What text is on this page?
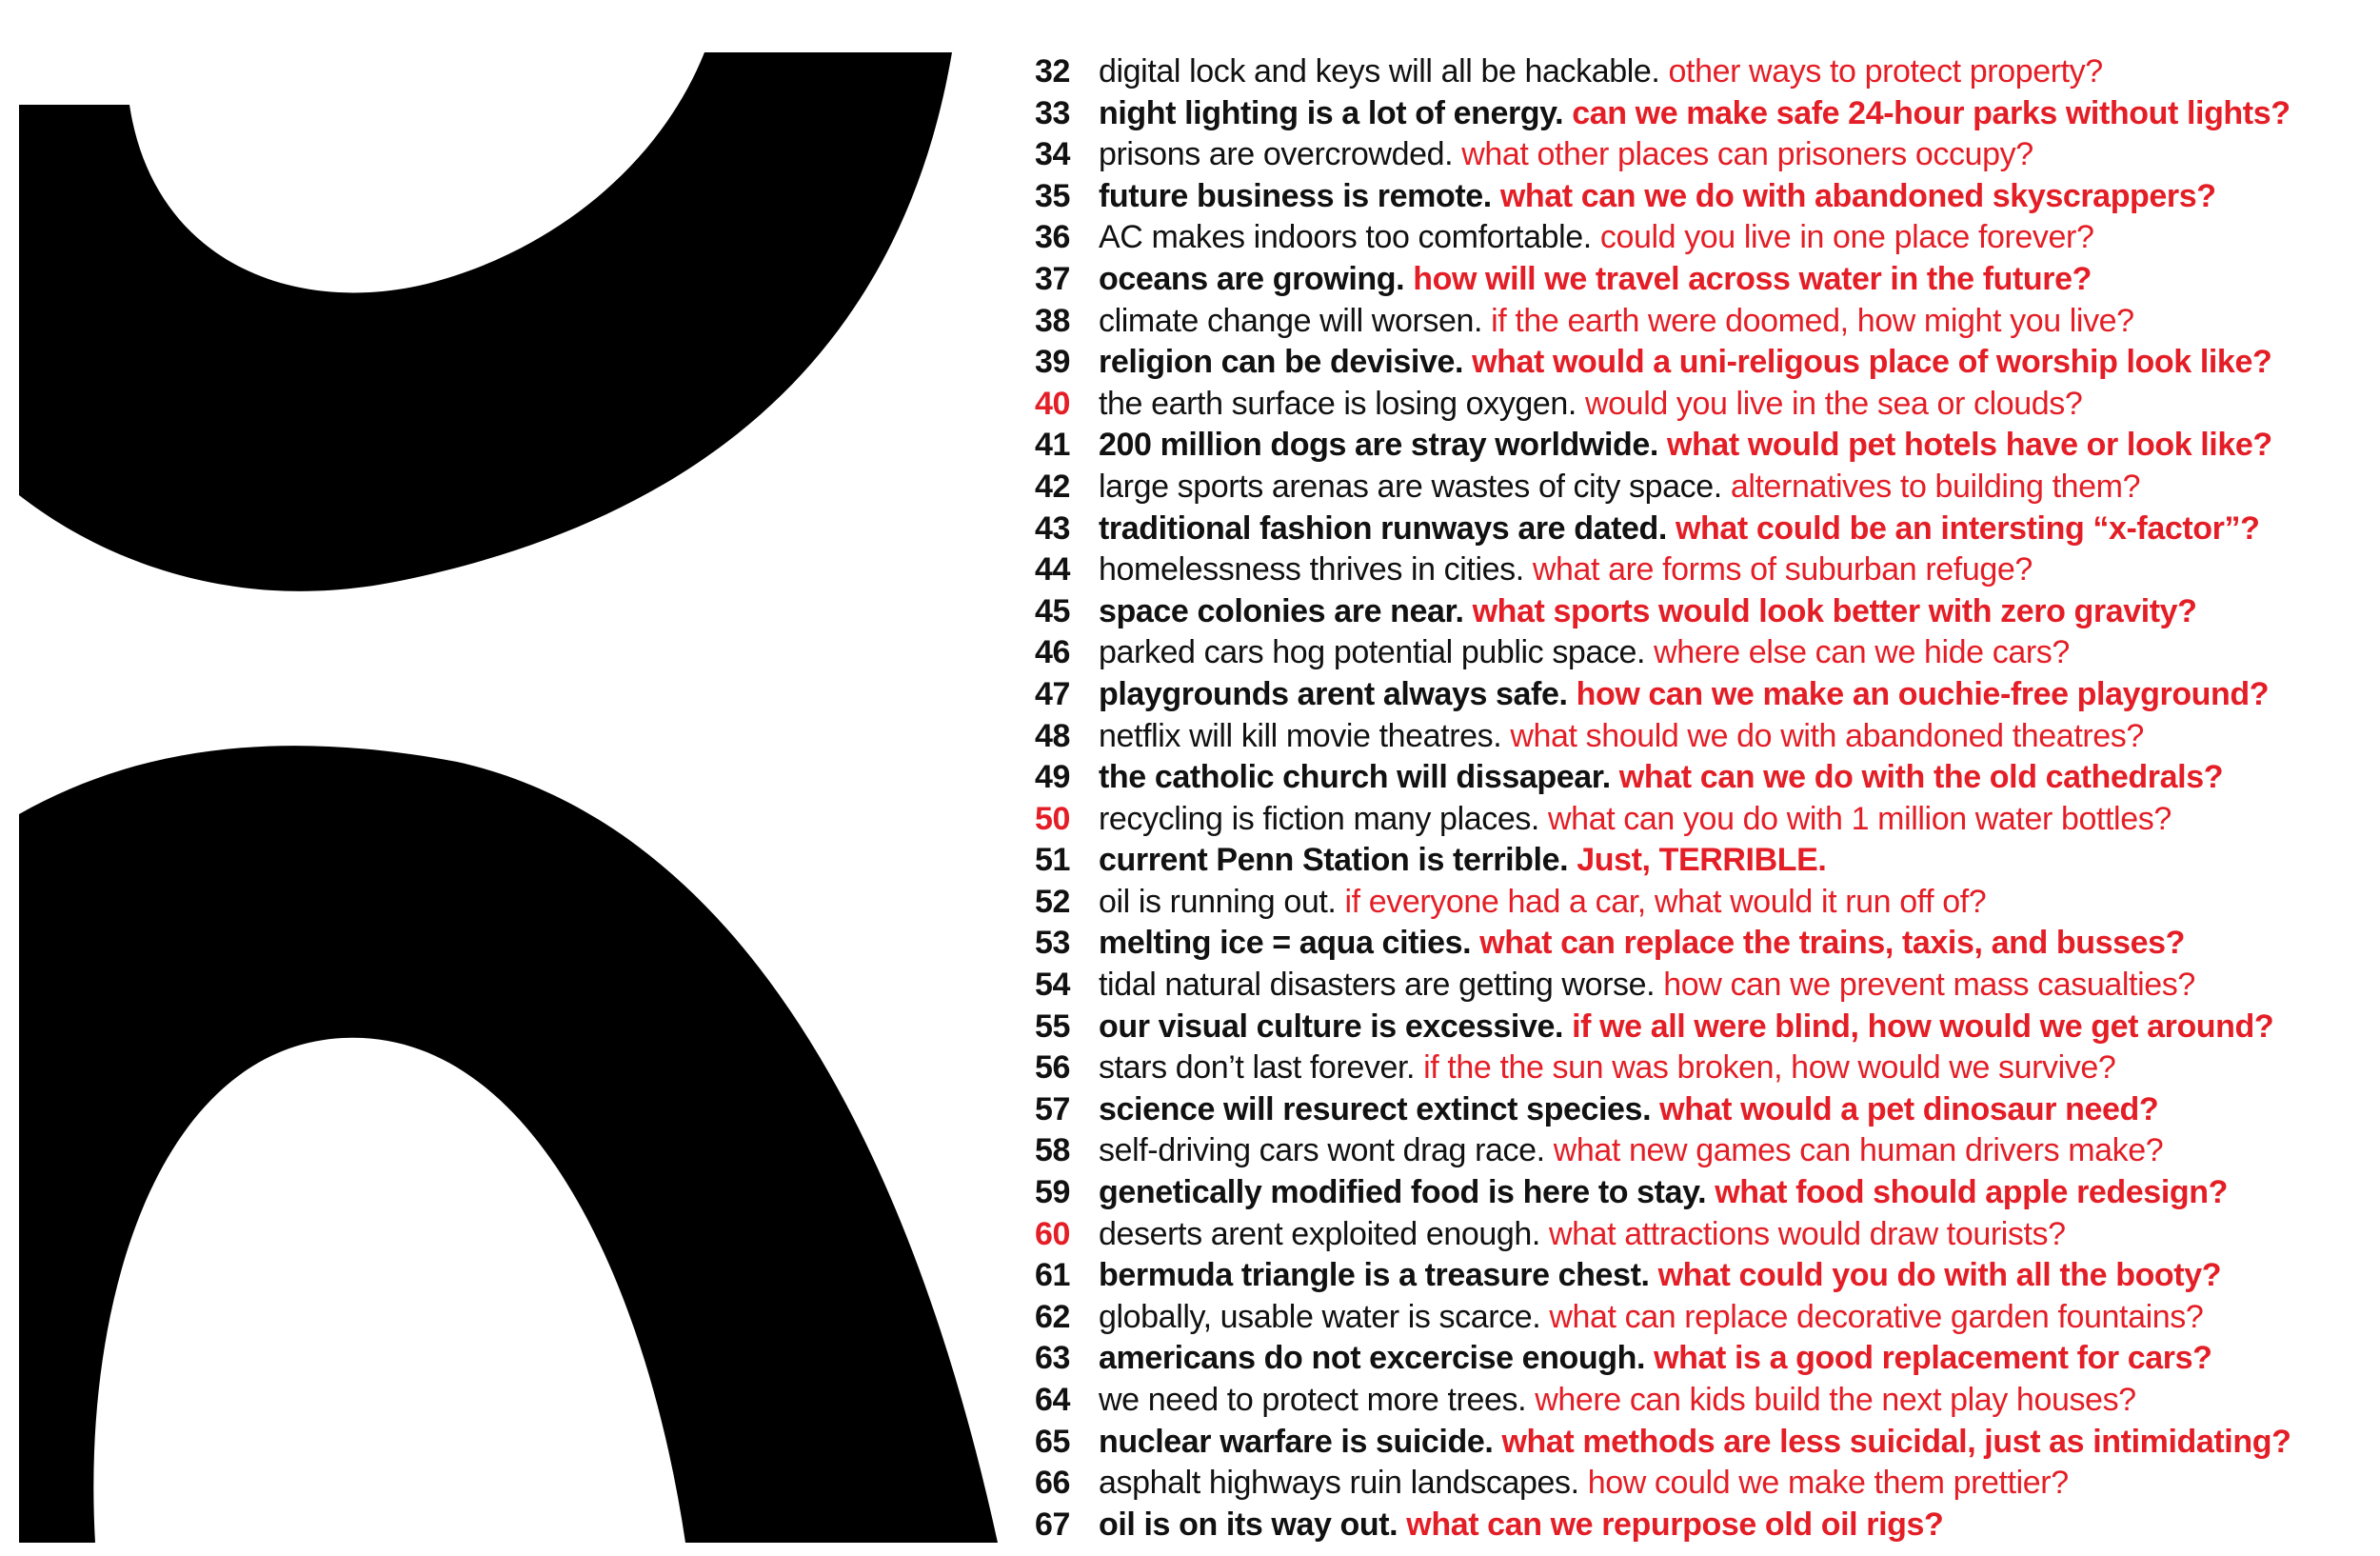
32 digital lock and keys will all be hackable. other ways to protect property?
33 night lighting is a lot of energy. can we make safe 24-hour parks without lights?
34 prisons are overcrowded. what other places can prisoners occupy?
35 future business is remote. what can we do with abandoned skyscrappers?
36 AC makes indoors too comfortable. could you live in one place forever?
37 oceans are growing. how will we travel across water in the future?
38 climate change will worsen. if the earth were doomed, how might you live?
39 religion can be devisive. what would a uni-religous place of worship look like?
40 the earth surface is losing oxygen. would you live in the sea or clouds?
41 200 million dogs are stray worldwide. what would pet hotels have or look like?
42 large sports arenas are wastes of city space. alternatives to building them?
43 traditional fashion runways are dated. what could be an intersting “x-factor”?
44 homelessness thrives in cities. what are forms of suburban refuge?
45 space colonies are near. what sports would look better with zero gravity?
46 parked cars hog potential public space. where else can we hide cars?
47 playgrounds arent always safe. how can we make an ouchie-free playground?
48 netflix will kill movie theatres. what should we do with abandoned theatres?
49 the catholic church will dissapear. what can we do with the old cathedrals?
50 recycling is fiction many places. what can you do with 1 million water bottles?
51 current Penn Station is terrible. Just, TERRIBLE.
52 oil is running out. if everyone had a car, what would it run off of?
53 melting ice = aqua cities. what can replace the trains, taxis, and busses?
54 tidal natural disasters are getting worse. how can we prevent mass casualties?
55 our visual culture is excessive. if we all were blind, how would we get around?
56 stars don’t last forever. if the the sun was broken, how would we survive?
57 science will resurect extinct species. what would a pet dinosaur need?
58 self-driving cars wont drag race. what new games can human drivers make?
59 genetically modified food is here to stay. what food should apple redesign?
60 deserts arent exploited enough. what attractions would draw tourists?
61 bermuda triangle is a treasure chest. what could you do with all the booty?
62 globally, usable water is scarce. what can replace decorative garden fountains?
63 americans do not excercise enough. what is a good replacement for cars?
64 we need to protect more trees. where can kids build the next play houses?
65 nuclear warfare is suicide. what methods are less suicidal, just as intimidating?
66 asphalt highways ruin landscapes. how could we make them prettier?
67 oil is on its way out. what can we repurpose old oil rigs?
